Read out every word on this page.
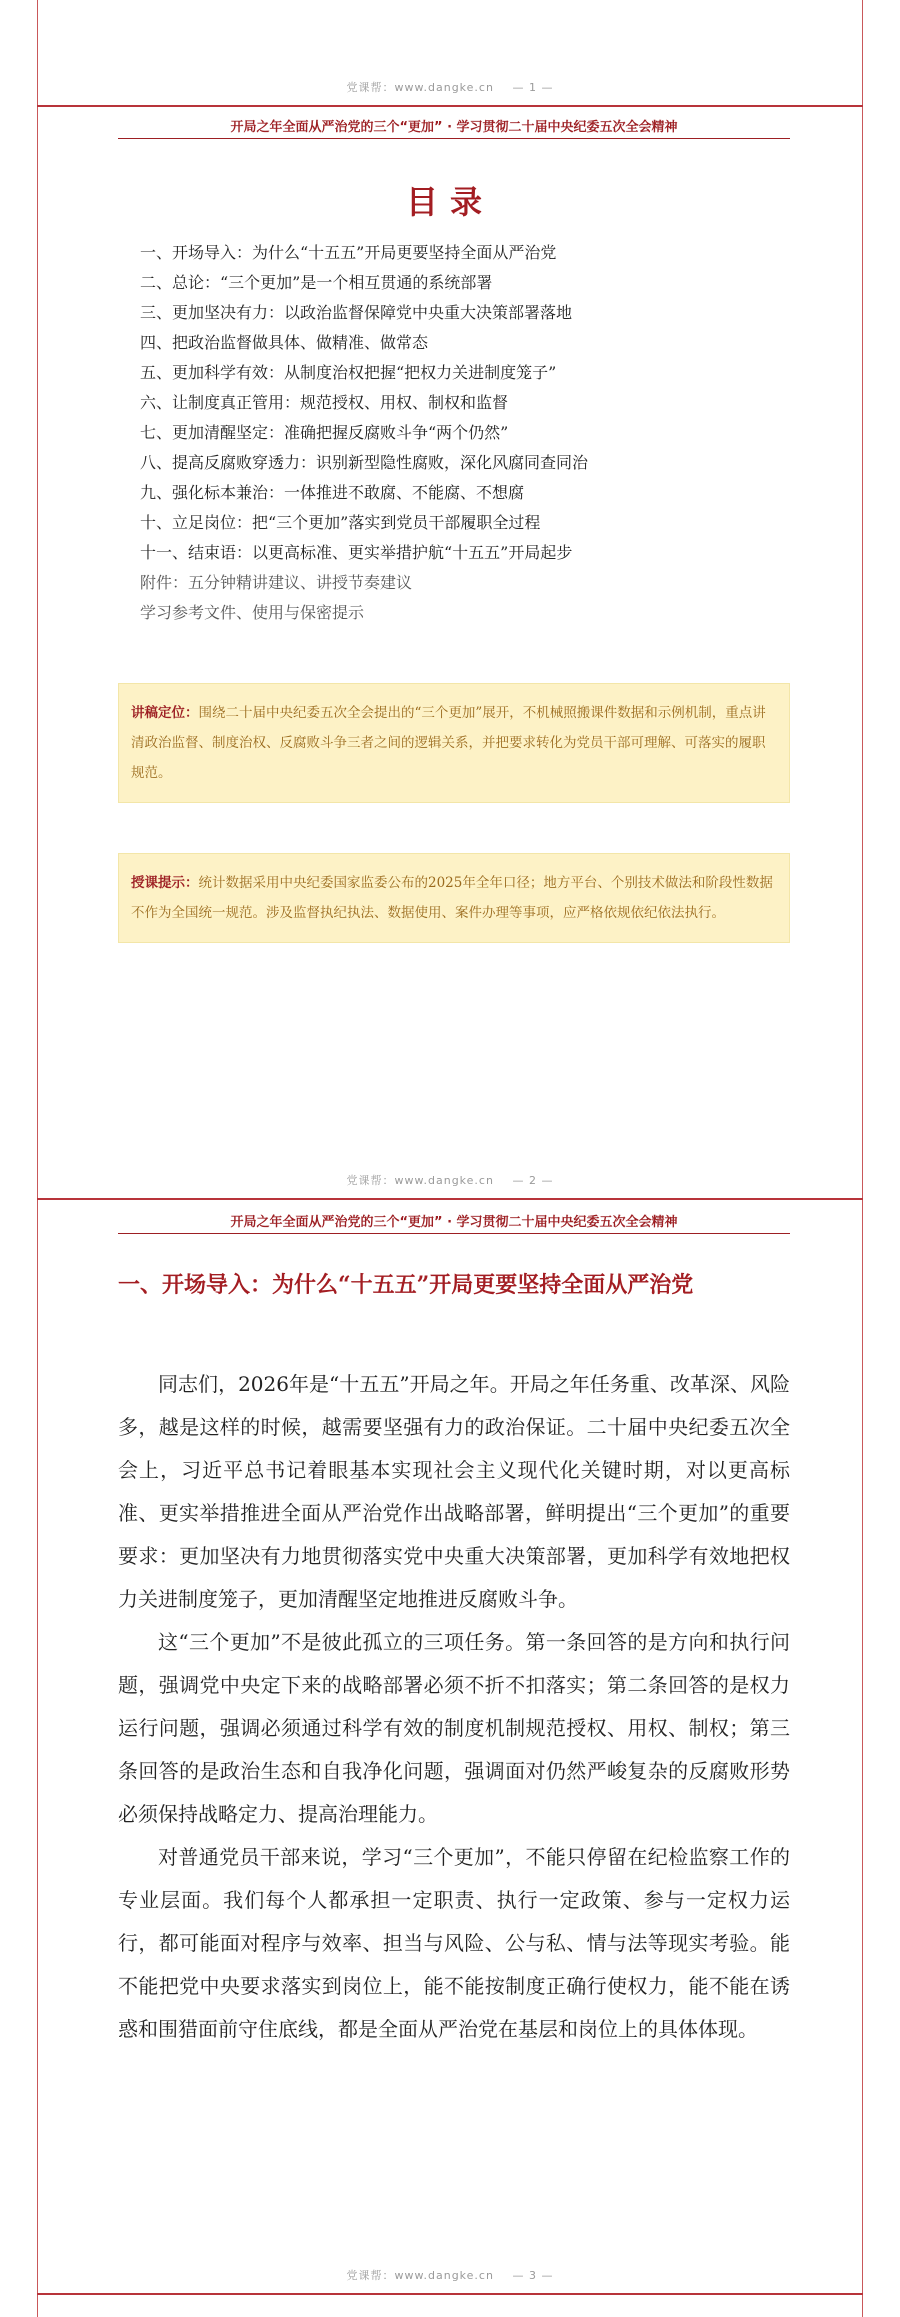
党课帮：www.dangke.cn — 1 —
开局之年全面从严治党的三个“更加” · 学习贯彻二十届中央纪委五次全会精神
目录
一、开场导入：为什么“十五五”开局更要坚持全面从严治党
二、总论：“三个更加”是一个相互贯通的系统部署
三、更加坚决有力：以政治监督保障党中央重大决策部署落地
四、把政治监督做具体、做精准、做常态
五、更加科学有效：从制度治权把握“把权力关进制度笼子”
六、让制度真正管用：规范授权、用权、制权和监督
七、更加清醒坚定：准确把握反腐败斗争“两个仍然”
八、提高反腐败穿透力：识别新型隐性腐败，深化风腐同查同治
九、强化标本兼治：一体推进不敢腐、不能腐、不想腐
十、立足岗位：把“三个更加”落实到党员干部履职全过程
十一、结束语：以更高标准、更实举措护航“十五五”开局起步
附件：五分钟精讲建议、讲授节奏建议
学习参考文件、使用与保密提示
讲稿定位：围绕二十届中央纪委五次全会提出的“三个更加”展开，不机械照搬课件数据和示例机制，重点讲清政治监督、制度治权、反腐败斗争三者之间的逻辑关系，并把要求转化为党员干部可理解、可落实的履职规范。
授课提示：统计数据采用中央纪委国家监委公布的2025年全年口径；地方平台、个别技术做法和阶段性数据不作为全国统一规范。涉及监督执纪执法、数据使用、案件办理等事项，应严格依规依纪依法执行。
党课帮：www.dangke.cn — 2 —
开局之年全面从严治党的三个“更加” · 学习贯彻二十届中央纪委五次全会精神
一、开场导入：为什么“十五五”开局更要坚持全面从严治党

同志们，2026年是“十五五”开局之年。开局之年任务重、改革深、风险多，越是这样的时候，越需要坚强有力的政治保证。二十届中央纪委五次全会上，习近平总书记着眼基本实现社会主义现代化关键时期，对以更高标准、更实举措推进全面从严治党作出战略部署，鲜明提出“三个更加”的重要要求：更加坚决有力地贯彻落实党中央重大决策部署，更加科学有效地把权力关进制度笼子，更加清醒坚定地推进反腐败斗争。

这“三个更加”不是彼此孤立的三项任务。第一条回答的是方向和执行问题，强调党中央定下来的战略部署必须不折不扣落实；第二条回答的是权力运行问题，强调必须通过科学有效的制度机制规范授权、用权、制权；第三条回答的是政治生态和自我净化问题，强调面对仍然严峻复杂的反腐败形势必须保持战略定力、提高治理能力。

对普通党员干部来说，学习“三个更加”，不能只停留在纪检监察工作的专业层面。我们每个人都承担一定职责、执行一定政策、参与一定权力运行，都可能面对程序与效率、担当与风险、公与私、情与法等现实考验。能不能把党中央要求落实到岗位上，能不能按制度正确行使权力，能不能在诱惑和围猎面前守住底线，都是全面从严治党在基层和岗位上的具体体现。

党课帮：www.dangke.cn — 3 —
